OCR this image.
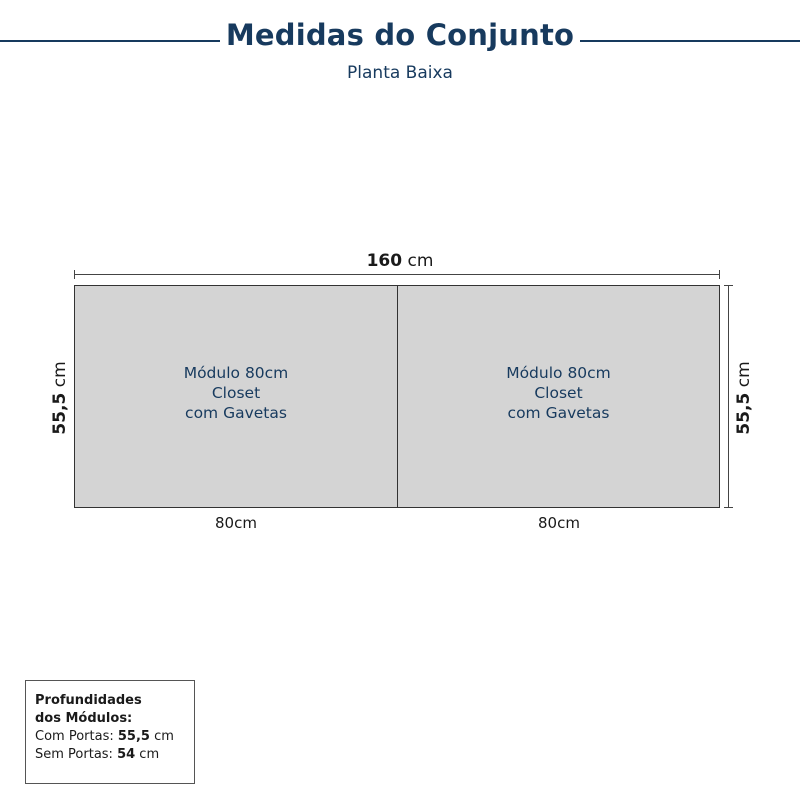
Medidas do Conjunto
Planta Baixa
160 cm
Módulo 80cm
Closet
com Gavetas
Módulo 80cm
Closet
com Gavetas
80cm	80cm
55,5 cm
55,5 cm
Profundidades
dos Módulos:
Com Portas: 55,5 cm
Sem Portas: 54 cm
